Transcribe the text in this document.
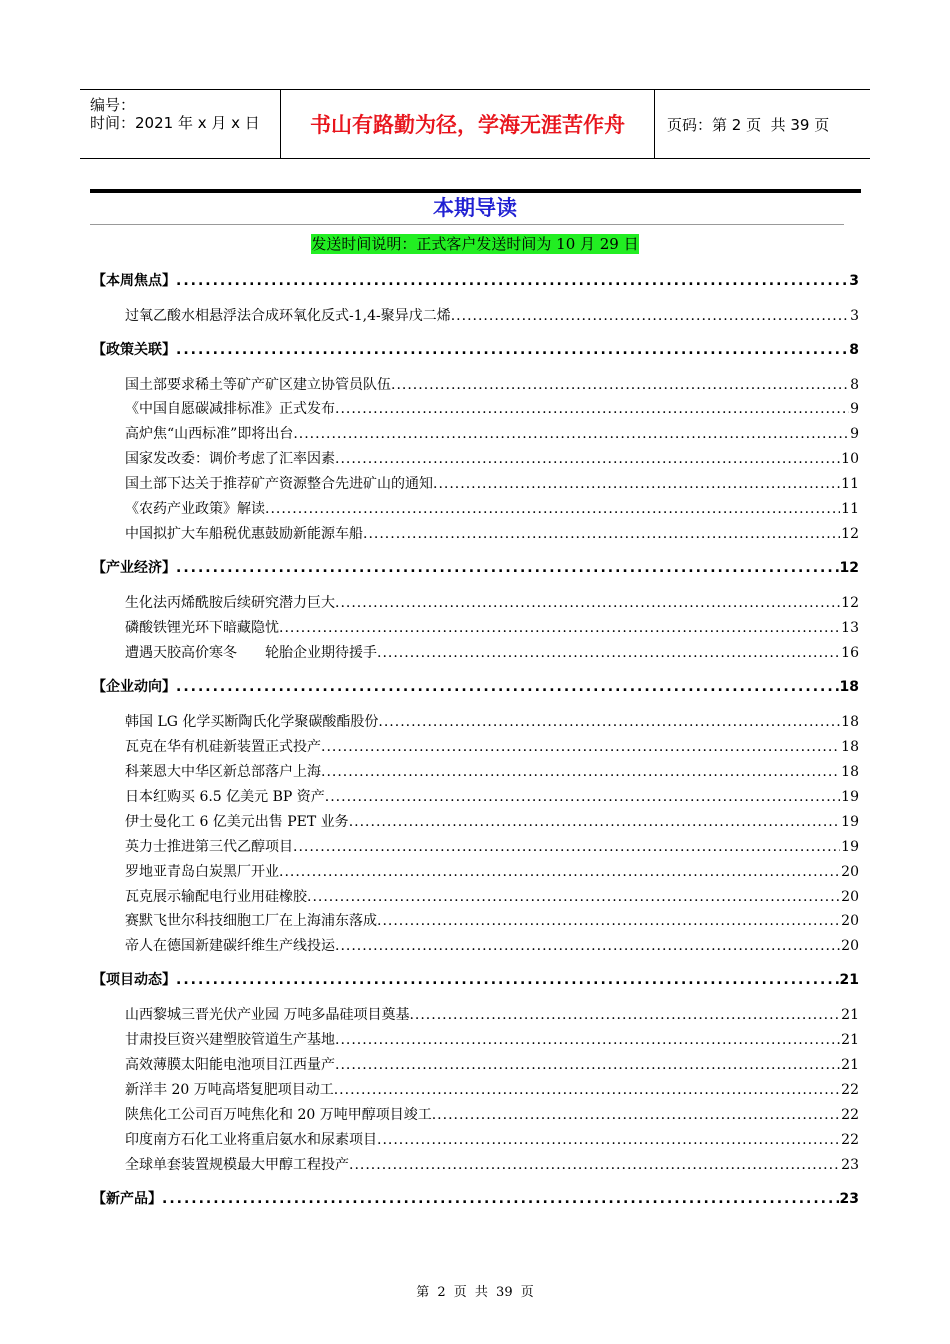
编号：
时间：2021 年 x 月 x 日	书山有路勤为径，学海无涯苦作舟	页码：第 2 页  共 39 页
本期导读
发送时间说明：正式客户发送时间为 10 月 29 日
【本周焦点】 .....	3
过氧乙酸水相悬浮法合成环氧化反式-1,4-聚异戊二烯 .....	3
【政策关联】 .....	8
国土部要求稀土等矿产矿区建立协管员队伍 .....	8
《中国自愿碳减排标准》正式发布 .....	9
高炉焦“山西标准”即将出台 .....	9
国家发改委：调价考虑了汇率因素 .....	10
国土部下达关于推荐矿产资源整合先进矿山的通知 .....	11
《农药产业政策》解读 .....	11
中国拟扩大车船税优惠鼓励新能源车船 .....	12
【产业经济】 .....	12
生化法丙烯酰胺后续研究潜力巨大 .....	12
磷酸铁锂光环下暗藏隐忧 .....	13
遭遇天胶高价寒冬　　轮胎企业期待援手 .....	16
【企业动向】 .....	18
韩国 LG 化学买断陶氏化学聚碳酸酯股份 .....	18
瓦克在华有机硅新装置正式投产 .....	18
科莱恩大中华区新总部落户上海 .....	18
日本红购买 6.5 亿美元 BP 资产 .....	19
伊士曼化工 6 亿美元出售 PET 业务 .....	19
英力士推进第三代乙醇项目 .....	19
罗地亚青岛白炭黑厂开业 .....	20
瓦克展示输配电行业用硅橡胶 .....	20
赛默飞世尔科技细胞工厂在上海浦东落成 .....	20
帝人在德国新建碳纤维生产线投运 .....	20
【项目动态】 .....	21
山西黎城三晋光伏产业园 万吨多晶硅项目奠基 .....	21
甘肃投巨资兴建塑胶管道生产基地 .....	21
高效薄膜太阳能电池项目江西量产 .....	21
新洋丰 20 万吨高塔复肥项目动工 .....	22
陕焦化工公司百万吨焦化和 20 万吨甲醇项目竣工 .....	22
印度南方石化工业将重启氨水和尿素项目 .....	22
全球单套装置规模最大甲醇工程投产 .....	23
【新产品】 .....	23
第 2 页 共 39 页
